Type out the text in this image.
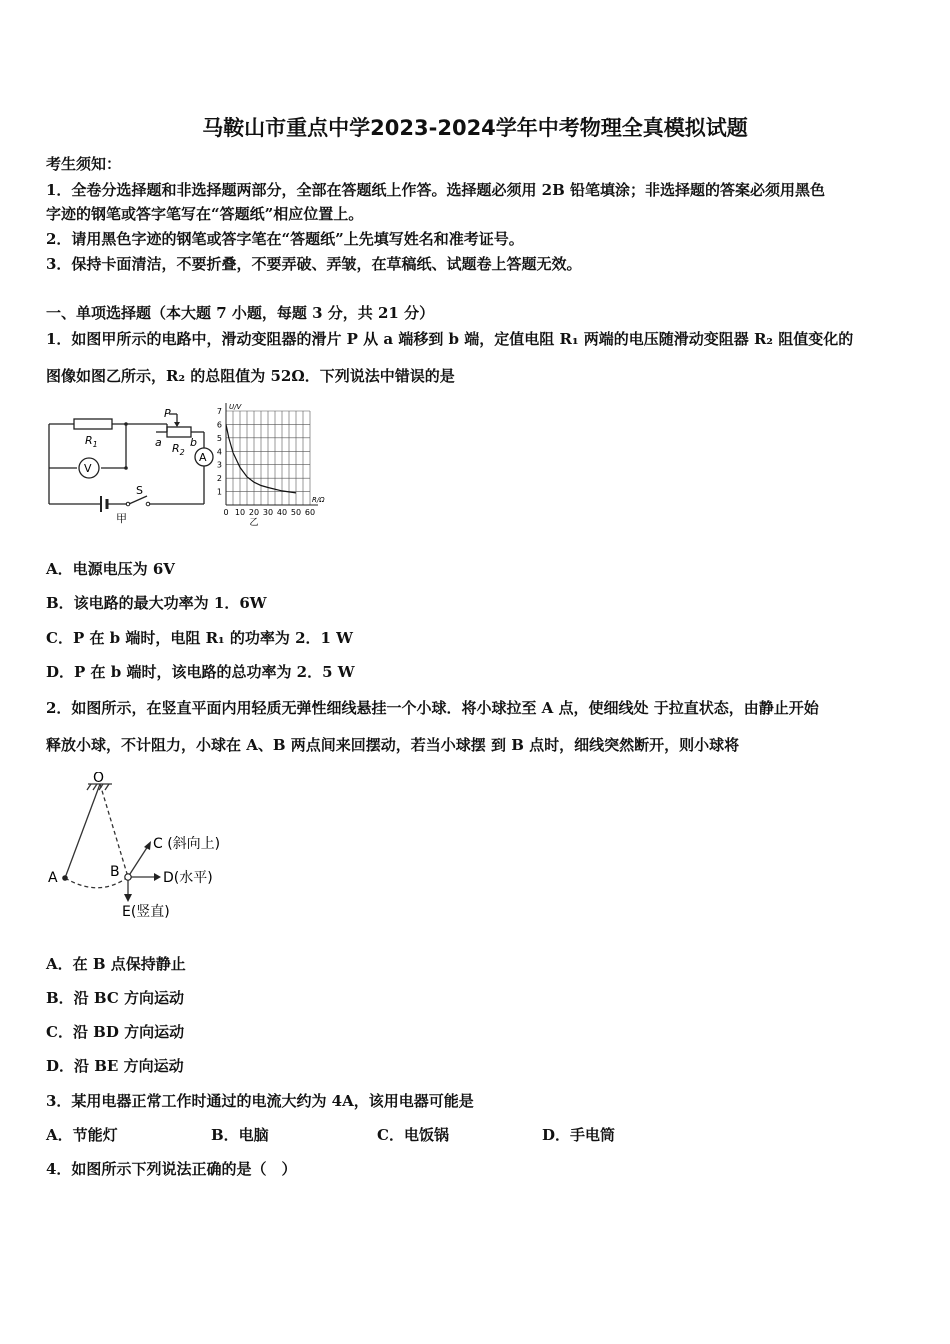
马鞍山市重点中学2023-2024学年中考物理全真模拟试题
考生须知：
1．全卷分选择题和非选择题两部分，全部在答题纸上作答。选择题必须用 2B 铅笔填涂；非选择题的答案必须用黑色
字迹的钢笔或答字笔写在“答题纸”相应位置上。
2．请用黑色字迹的钢笔或答字笔在“答题纸”上先填写姓名和准考证号。
3．保持卡面清洁，不要折叠，不要弄破、弄皱，在草稿纸、试题卷上答题无效。
一、单项选择题（本大题 7 小题，每题 3 分，共 21 分）
1．如图甲所示的电路中，滑动变阻器的滑片 P 从 a 端移到 b 端，定值电阻 R₁ 两端的电压随滑动变阻器 R₂ 阻值变化的
图像如图乙所示，R₂ 的总阻值为 52Ω．下列说法中错误的是
$R_1$	$R_2$
V
A
P
a	b
S
甲
R/Ω
U/V
0 10 20 30 40 50 60
1
2
3
4
5
6
7
乙
A．电源电压为 6V
B．该电路的最大功率为 1．6W
C．P 在 b 端时，电阻 R₁ 的功率为 2．1 W
D．P 在 b 端时，该电路的总功率为 2．5 W
2．如图所示，在竖直平面内用轻质无弹性细线悬挂一个小球．将小球拉至 A 点，使细线处 于拉直状态，由静止开始
释放小球，不计阻力，小球在 A、B 两点间来回摆动，若当小球摆 到 B 点时，细线突然断开，则小球将
O
A	B
C (斜向上)
D(水平)
E(竖直)
A．在 B 点保持静止
B．沿 BC 方向运动
C．沿 BD 方向运动
D．沿 BE 方向运动
3．某用电器正常工作时通过的电流大约为 4A，该用电器可能是
A．节能灯	B．电脑	C．电饭锅	D．手电筒
4．如图所示下列说法正确的是（　）
